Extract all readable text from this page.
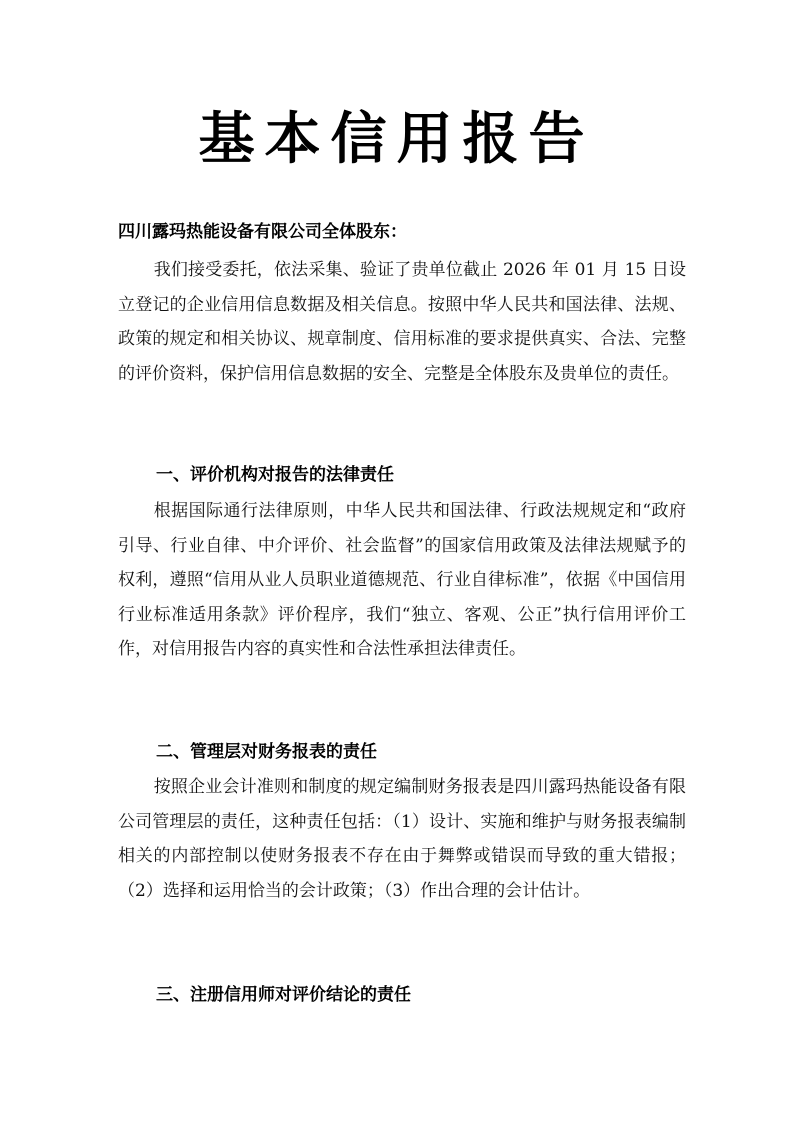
基本信用报告
四川露玛热能设备有限公司全体股东：

我们接受委托，依法采集、验证了贵单位截止 2026 年 01 月 15 日设立登记的企业信用信息数据及相关信息。按照中华人民共和国法律、法规、政策的规定和相关协议、规章制度、信用标准的要求提供真实、合法、完整的评价资料，保护信用信息数据的安全、完整是全体股东及贵单位的责任。

一、评价机构对报告的法律责任

根据国际通行法律原则，中华人民共和国法律、行政法规规定和“政府引导、行业自律、中介评价、社会监督”的国家信用政策及法律法规赋予的权利，遵照“信用从业人员职业道德规范、行业自律标准”，依据《中国信用行业标准适用条款》评价程序，我们“独立、客观、公正”执行信用评价工作，对信用报告内容的真实性和合法性承担法律责任。

二、管理层对财务报表的责任

按照企业会计准则和制度的规定编制财务报表是四川露玛热能设备有限公司管理层的责任，这种责任包括：（1）设计、实施和维护与财务报表编制相关的内部控制以使财务报表不存在由于舞弊或错误而导致的重大错报；（2）选择和运用恰当的会计政策；（3）作出合理的会计估计。

三、注册信用师对评价结论的责任
